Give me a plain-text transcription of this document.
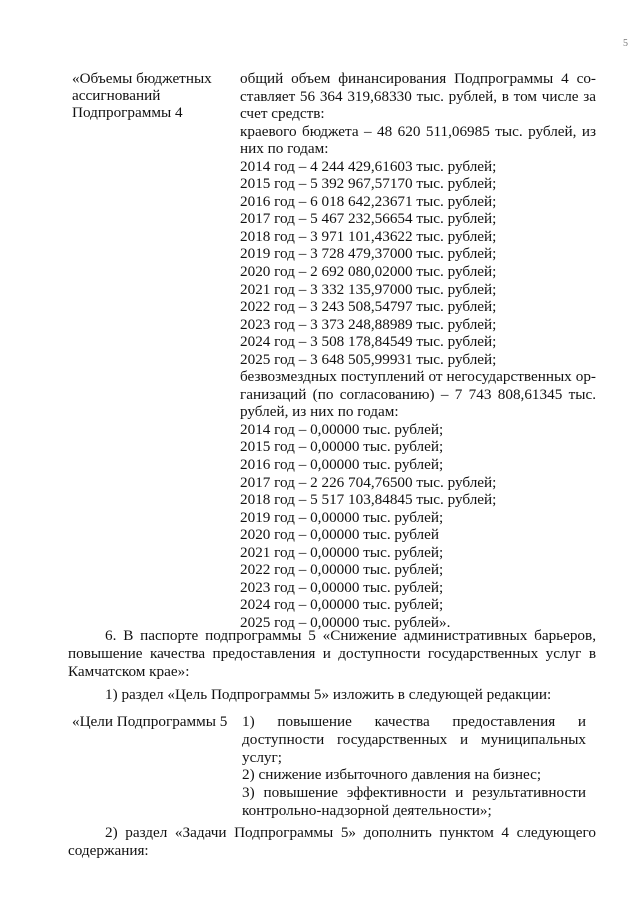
5
«Объемы бюджетных
ассигнований
Подпрограммы 4
общий объем финансирования Подпрограммы 4 со-
ставляет 56 364 319,68330 тыс. рублей, в том числе за
счет средств:
краевого бюджета – 48 620 511,06985 тыс. рублей, из
них по годам:
2014 год – 4 244 429,61603 тыс. рублей;
2015 год – 5 392 967,57170 тыс. рублей;
2016 год – 6 018 642,23671 тыс. рублей;
2017 год – 5 467 232,56654 тыс. рублей;
2018 год – 3 971 101,43622 тыс. рублей;
2019 год – 3 728 479,37000 тыс. рублей;
2020 год – 2 692 080,02000 тыс. рублей;
2021 год – 3 332 135,97000 тыс. рублей;
2022 год – 3 243 508,54797 тыс. рублей;
2023 год – 3 373 248,88989 тыс. рублей;
2024 год – 3 508 178,84549 тыс. рублей;
2025 год – 3 648 505,99931 тыс. рублей;
безвозмездных поступлений от негосударственных ор-
ганизаций (по согласованию) – 7 743 808,61345 тыс.
рублей, из них по годам:
2014 год – 0,00000 тыс. рублей;
2015 год – 0,00000 тыс. рублей;
2016 год – 0,00000 тыс. рублей;
2017 год – 2 226 704,76500 тыс. рублей;
2018 год – 5 517 103,84845 тыс. рублей;
2019 год – 0,00000 тыс. рублей;
2020 год – 0,00000 тыс. рублей
2021 год – 0,00000 тыс. рублей;
2022 год – 0,00000 тыс. рублей;
2023 год – 0,00000 тыс. рублей;
2024 год – 0,00000 тыс. рублей;
2025 год – 0,00000 тыс. рублей».
6. В паспорте подпрограммы 5 «Снижение административных барьеров,
повышение качества предоставления и доступности государственных услуг в
Камчатском крае»:
1) раздел «Цель Подпрограммы 5» изложить в следующей редакции:
«Цели Подпрограммы 5 1)   повышение   качества   предоставления   и
доступности государственных и муниципальных
услуг;
2) снижение избыточного давления на бизнес;
3) повышение эффективности и результативности
контрольно-надзорной деятельности»;
2) раздел «Задачи Подпрограммы 5» дополнить пунктом 4 следующего
содержания:
